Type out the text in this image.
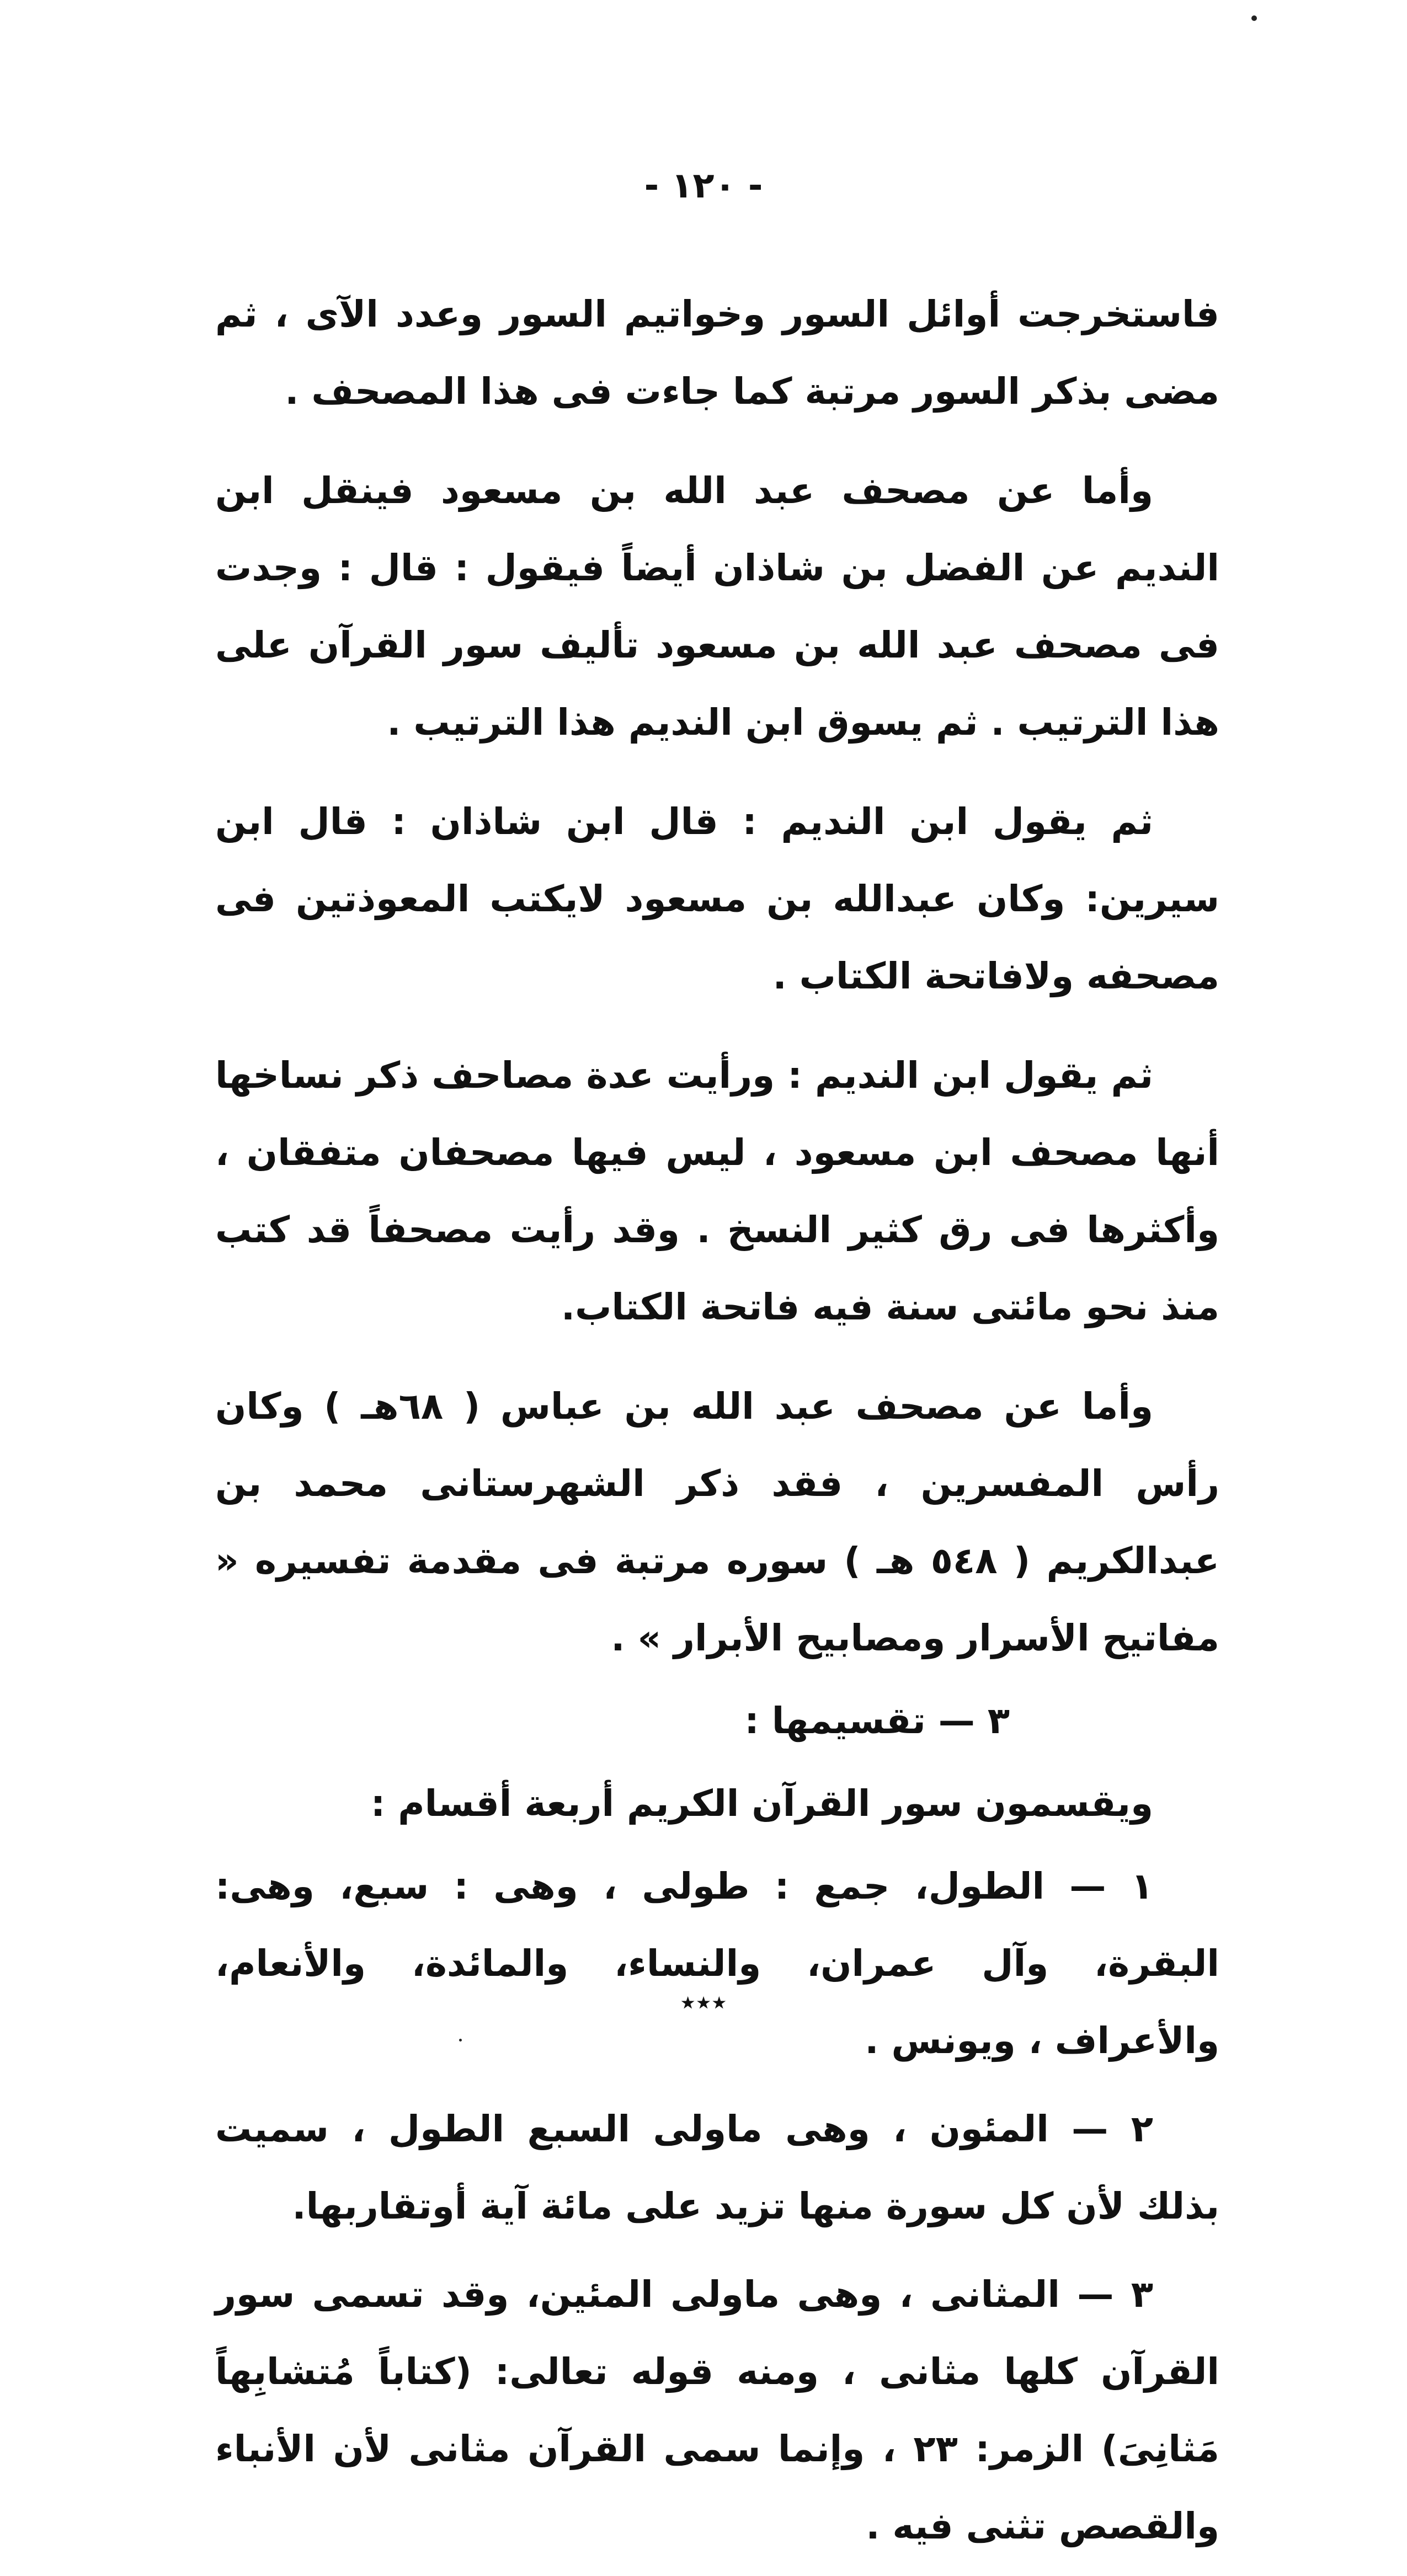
- ١٢٠ -

فاستخرجت أوائل السور وخواتيم السور وعدد الآى ، ثم مضى بذكر السور مرتبة كما جاءت فى هذا المصحف .

وأما عن مصحف عبد الله بن مسعود فينقل ابن النديم عن الفضل بن شاذان أيضاً فيقول : قال : وجدت فى مصحف عبد الله بن مسعود تأليف سور القرآن على هذا الترتيب . ثم يسوق ابن النديم هذا الترتيب .

ثم يقول ابن النديم : قال ابن شاذان : قال ابن سيرين: وكان عبدالله بن مسعود لايكتب المعوذتين فى مصحفه ولافاتحة الكتاب .

ثم يقول ابن النديم : ورأيت عدة مصاحف ذكر نساخها أنها مصحف ابن مسعود ، ليس فيها مصحفان متفقان ، وأكثرها فى رق كثير النسخ . وقد رأيت مصحفاً قد كتب منذ نحو مائتى سنة فيه فاتحة الكتاب.

وأما عن مصحف عبد الله بن عباس ( ٦٨هـ ) وكان رأس المفسرين ، فقد ذكر الشهرستانى محمد بن عبدالكريم ( ٥٤٨ هـ ) سوره مرتبة فى مقدمة تفسيره « مفاتيح الأسرار ومصابيح الأبرار » .

٣ — تقسيمها :

ويقسمون سور القرآن الكريم أربعة أقسام :

١ — الطول، جمع : طولى ، وهى : سبع، وهى: البقرة، وآل عمران، والنساء، والمائدة، والأنعام، والأعراف ، ويونس .

٢ — المئون ، وهى ماولى السبع الطول ، سميت بذلك لأن كل سورة منها تزيد على مائة آية أوتقاربها.

٣ — المثانى ، وهى ماولى المئين، وقد تسمى سور القرآن كلها مثانى ، ومنه قوله تعالى: (كتاباً مُتشابِهاً مَثانِىَ) الزمر: ٢٣ ، وإنما سمى القرآن مثانى لأن الأنباء والقصص تثنى فيه .

٭٭٭
